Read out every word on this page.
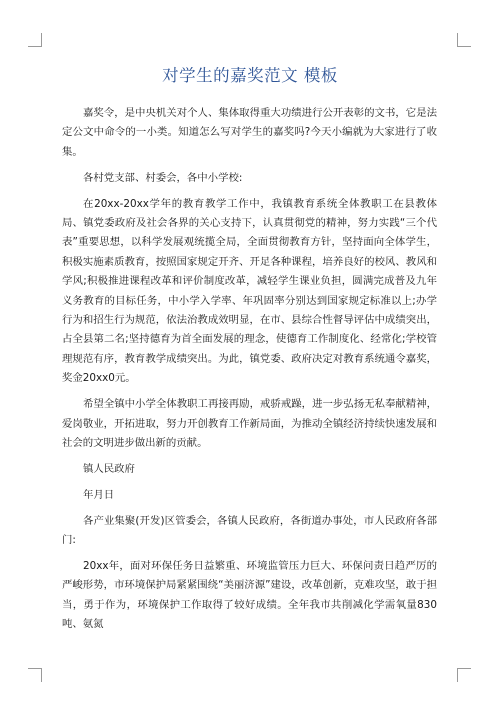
对学生的嘉奖范文 模板

嘉奖令，是中央机关对个人、集体取得重大功绩进行公开表彰的文书，它是法定公文中命令的一小类。知道怎么写对学生的嘉奖吗?今天小编就为大家进行了收集。

各村党支部、村委会，各中小学校:

在20xx-20xx学年的教育教学工作中，我镇教育系统全体教职工在县教体局、镇党委政府及社会各界的关心支持下，认真贯彻党的精神，努力实践“三个代表”重要思想，以科学发展观统揽全局，全面贯彻教育方针，坚持面向全体学生，积极实施素质教育，按照国家规定开齐、开足各种课程，培养良好的校风、教风和学风;积极推进课程改革和评价制度改革，减轻学生课业负担，圆满完成普及九年义务教育的目标任务，中小学入学率、年巩固率分别达到国家规定标准以上;办学行为和招生行为规范，依法治教成效明显，在市、县综合性督导评估中成绩突出，占全县第二名;坚持德育为首全面发展的理念，使德育工作制度化、经常化;学校管理规范有序，教育教学成绩突出。为此，镇党委、政府决定对教育系统通令嘉奖，奖金20xx0元。

希望全镇中小学全体教职工再接再励，戒骄戒躁，进一步弘扬无私奉献精神，爱岗敬业，开拓进取，努力开创教育工作新局面，为推动全镇经济持续快速发展和社会的文明进步做出新的贡献。

镇人民政府

年月日

各产业集聚(开发)区管委会，各镇人民政府，各街道办事处，市人民政府各部门:

20xx年，面对环保任务日益繁重、环境监管压力巨大、环保问责日趋严厉的严峻形势，市环境保护局紧紧围绕“美丽济源”建设，改革创新，克难攻坚，敢于担当，勇于作为，环境保护工作取得了较好成绩。全年我市共削减化学需氧量830吨、氨氮
